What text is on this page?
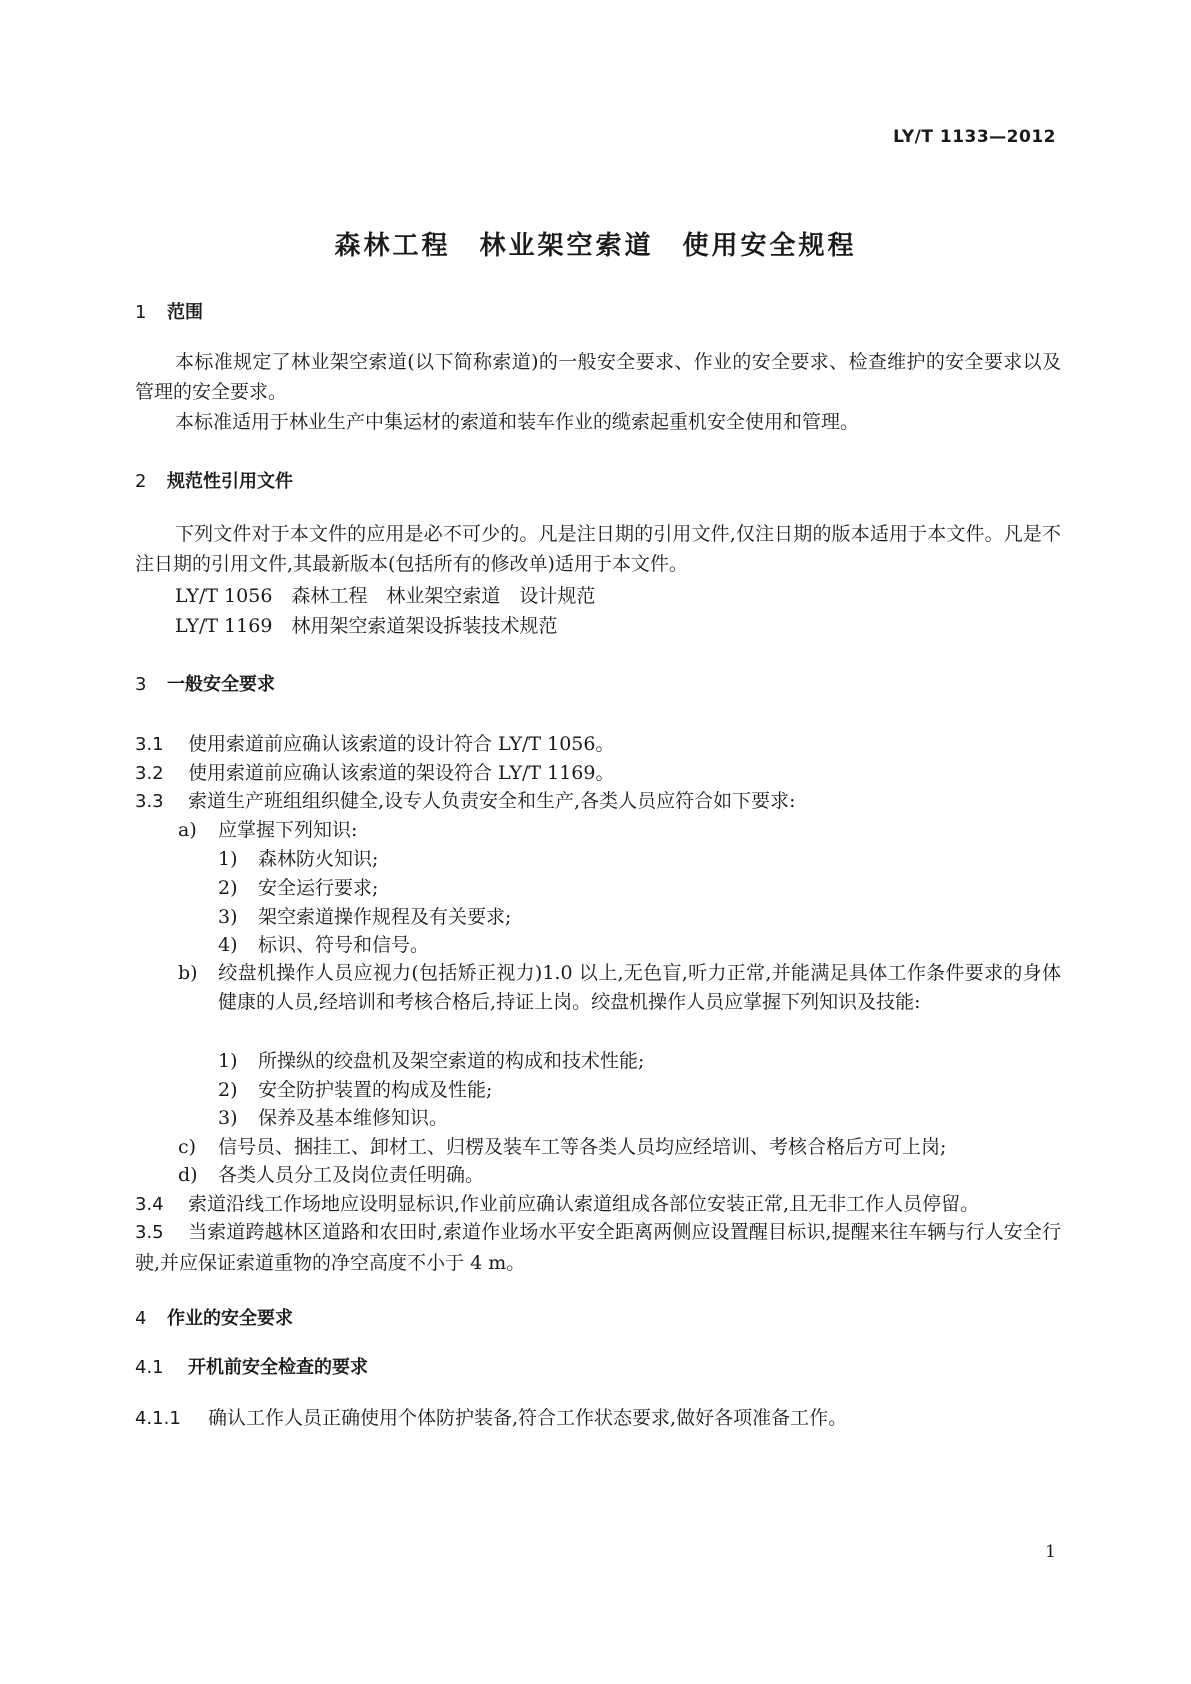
LY/T 1133—2012
森林工程　林业架空索道　使用安全规程
1 范围

本标准规定了林业架空索道(以下简称索道)的一般安全要求、作业的安全要求、检查维护的安全要求以及管理的安全要求。

本标准适用于林业生产中集运材的索道和装车作业的缆索起重机安全使用和管理。

2 规范性引用文件

下列文件对于本文件的应用是必不可少的。凡是注日期的引用文件,仅注日期的版本适用于本文件。凡是不注日期的引用文件,其最新版本(包括所有的修改单)适用于本文件。

LY/T 1056　森林工程　林业架空索道　设计规范
LY/T 1169　林用架空索道架设拆装技术规范
3 一般安全要求
3.1 使用索道前应确认该索道的设计符合 LY/T 1056。
3.2 使用索道前应确认该索道的架设符合 LY/T 1169。
3.3 索道生产班组组织健全,设专人负责安全和生产,各类人员应符合如下要求:
a) 应掌握下列知识:
1) 森林防火知识;
2) 安全运行要求;
3) 架空索道操作规程及有关要求;
4) 标识、符号和信号。
b) 绞盘机操作人员应视力(包括矫正视力)1.0 以上,无色盲,听力正常,并能满足具体工作条件要求的身体健康的人员,经培训和考核合格后,持证上岗。绞盘机操作人员应掌握下列知识及技能:
1) 所操纵的绞盘机及架空索道的构成和技术性能;
2) 安全防护装置的构成及性能;
3) 保养及基本维修知识。
c) 信号员、捆挂工、卸材工、归楞及装车工等各类人员均应经培训、考核合格后方可上岗;
d) 各类人员分工及岗位责任明确。
3.4 索道沿线工作场地应设明显标识,作业前应确认索道组成各部位安装正常,且无非工作人员停留。
3.5 当索道跨越林区道路和农田时,索道作业场水平安全距离两侧应设置醒目标识,提醒来往车辆与行人安全行驶,并应保证索道重物的净空高度不小于 4 m。
4 作业的安全要求
4.1 开机前安全检查的要求
4.1.1 确认工作人员正确使用个体防护装备,符合工作状态要求,做好各项准备工作。
1
